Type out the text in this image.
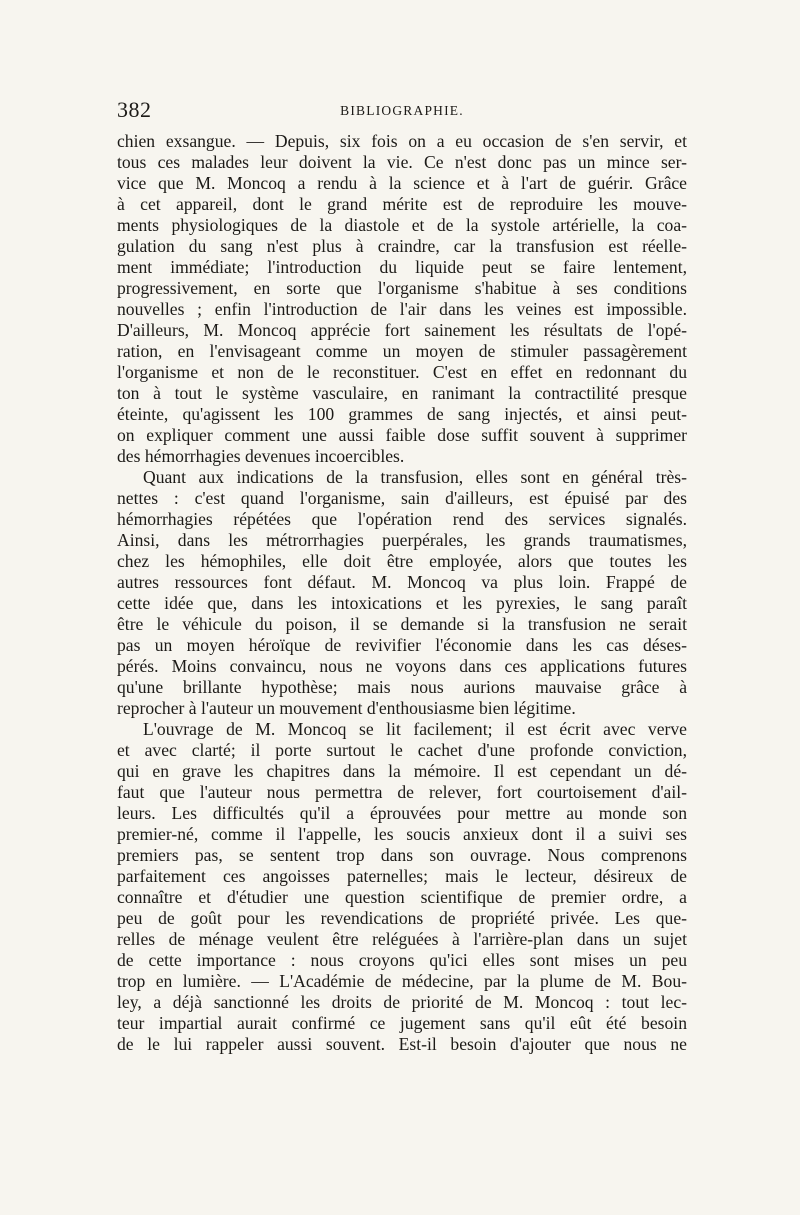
382	BIBLIOGRAPHIE.
chien exsangue. — Depuis, six fois on a eu occasion de s'en servir, et
tous ces malades leur doivent la vie. Ce n'est donc pas un mince ser-
vice que M. Moncoq a rendu à la science et à l'art de guérir. Grâce
à cet appareil, dont le grand mérite est de reproduire les mouve-
ments physiologiques de la diastole et de la systole artérielle, la coa-
gulation du sang n'est plus à craindre, car la transfusion est réelle-
ment immédiate; l'introduction du liquide peut se faire lentement,
progressivement, en sorte que l'organisme s'habitue à ses conditions
nouvelles ; enfin l'introduction de l'air dans les veines est impossible.
D'ailleurs, M. Moncoq apprécie fort sainement les résultats de l'opé-
ration, en l'envisageant comme un moyen de stimuler passagèrement
l'organisme et non de le reconstituer. C'est en effet en redonnant du
ton à tout le système vasculaire, en ranimant la contractilité presque
éteinte, qu'agissent les 100 grammes de sang injectés, et ainsi peut-
on expliquer comment une aussi faible dose suffit souvent à supprimer
des hémorrhagies devenues incoercibles.
Quant aux indications de la transfusion, elles sont en général très-
nettes : c'est quand l'organisme, sain d'ailleurs, est épuisé par des
hémorrhagies répétées que l'opération rend des services signalés.
Ainsi, dans les métrorrhagies puerpérales, les grands traumatismes,
chez les hémophiles, elle doit être employée, alors que toutes les
autres ressources font défaut. M. Moncoq va plus loin. Frappé de
cette idée que, dans les intoxications et les pyrexies, le sang paraît
être le véhicule du poison, il se demande si la transfusion ne serait
pas un moyen héroïque de revivifier l'économie dans les cas déses-
pérés. Moins convaincu, nous ne voyons dans ces applications futures
qu'une brillante hypothèse; mais nous aurions mauvaise grâce à
reprocher à l'auteur un mouvement d'enthousiasme bien légitime.
L'ouvrage de M. Moncoq se lit facilement; il est écrit avec verve
et avec clarté; il porte surtout le cachet d'une profonde conviction,
qui en grave les chapitres dans la mémoire. Il est cependant un dé-
faut que l'auteur nous permettra de relever, fort courtoisement d'ail-
leurs. Les difficultés qu'il a éprouvées pour mettre au monde son
premier-né, comme il l'appelle, les soucis anxieux dont il a suivi ses
premiers pas, se sentent trop dans son ouvrage. Nous comprenons
parfaitement ces angoisses paternelles; mais le lecteur, désireux de
connaître et d'étudier une question scientifique de premier ordre, a
peu de goût pour les revendications de propriété privée. Les que-
relles de ménage veulent être reléguées à l'arrière-plan dans un sujet
de cette importance : nous croyons qu'ici elles sont mises un peu
trop en lumière. — L'Académie de médecine, par la plume de M. Bou-
ley, a déjà sanctionné les droits de priorité de M. Moncoq : tout lec-
teur impartial aurait confirmé ce jugement sans qu'il eût été besoin
de le lui rappeler aussi souvent. Est-il besoin d'ajouter que nous ne
